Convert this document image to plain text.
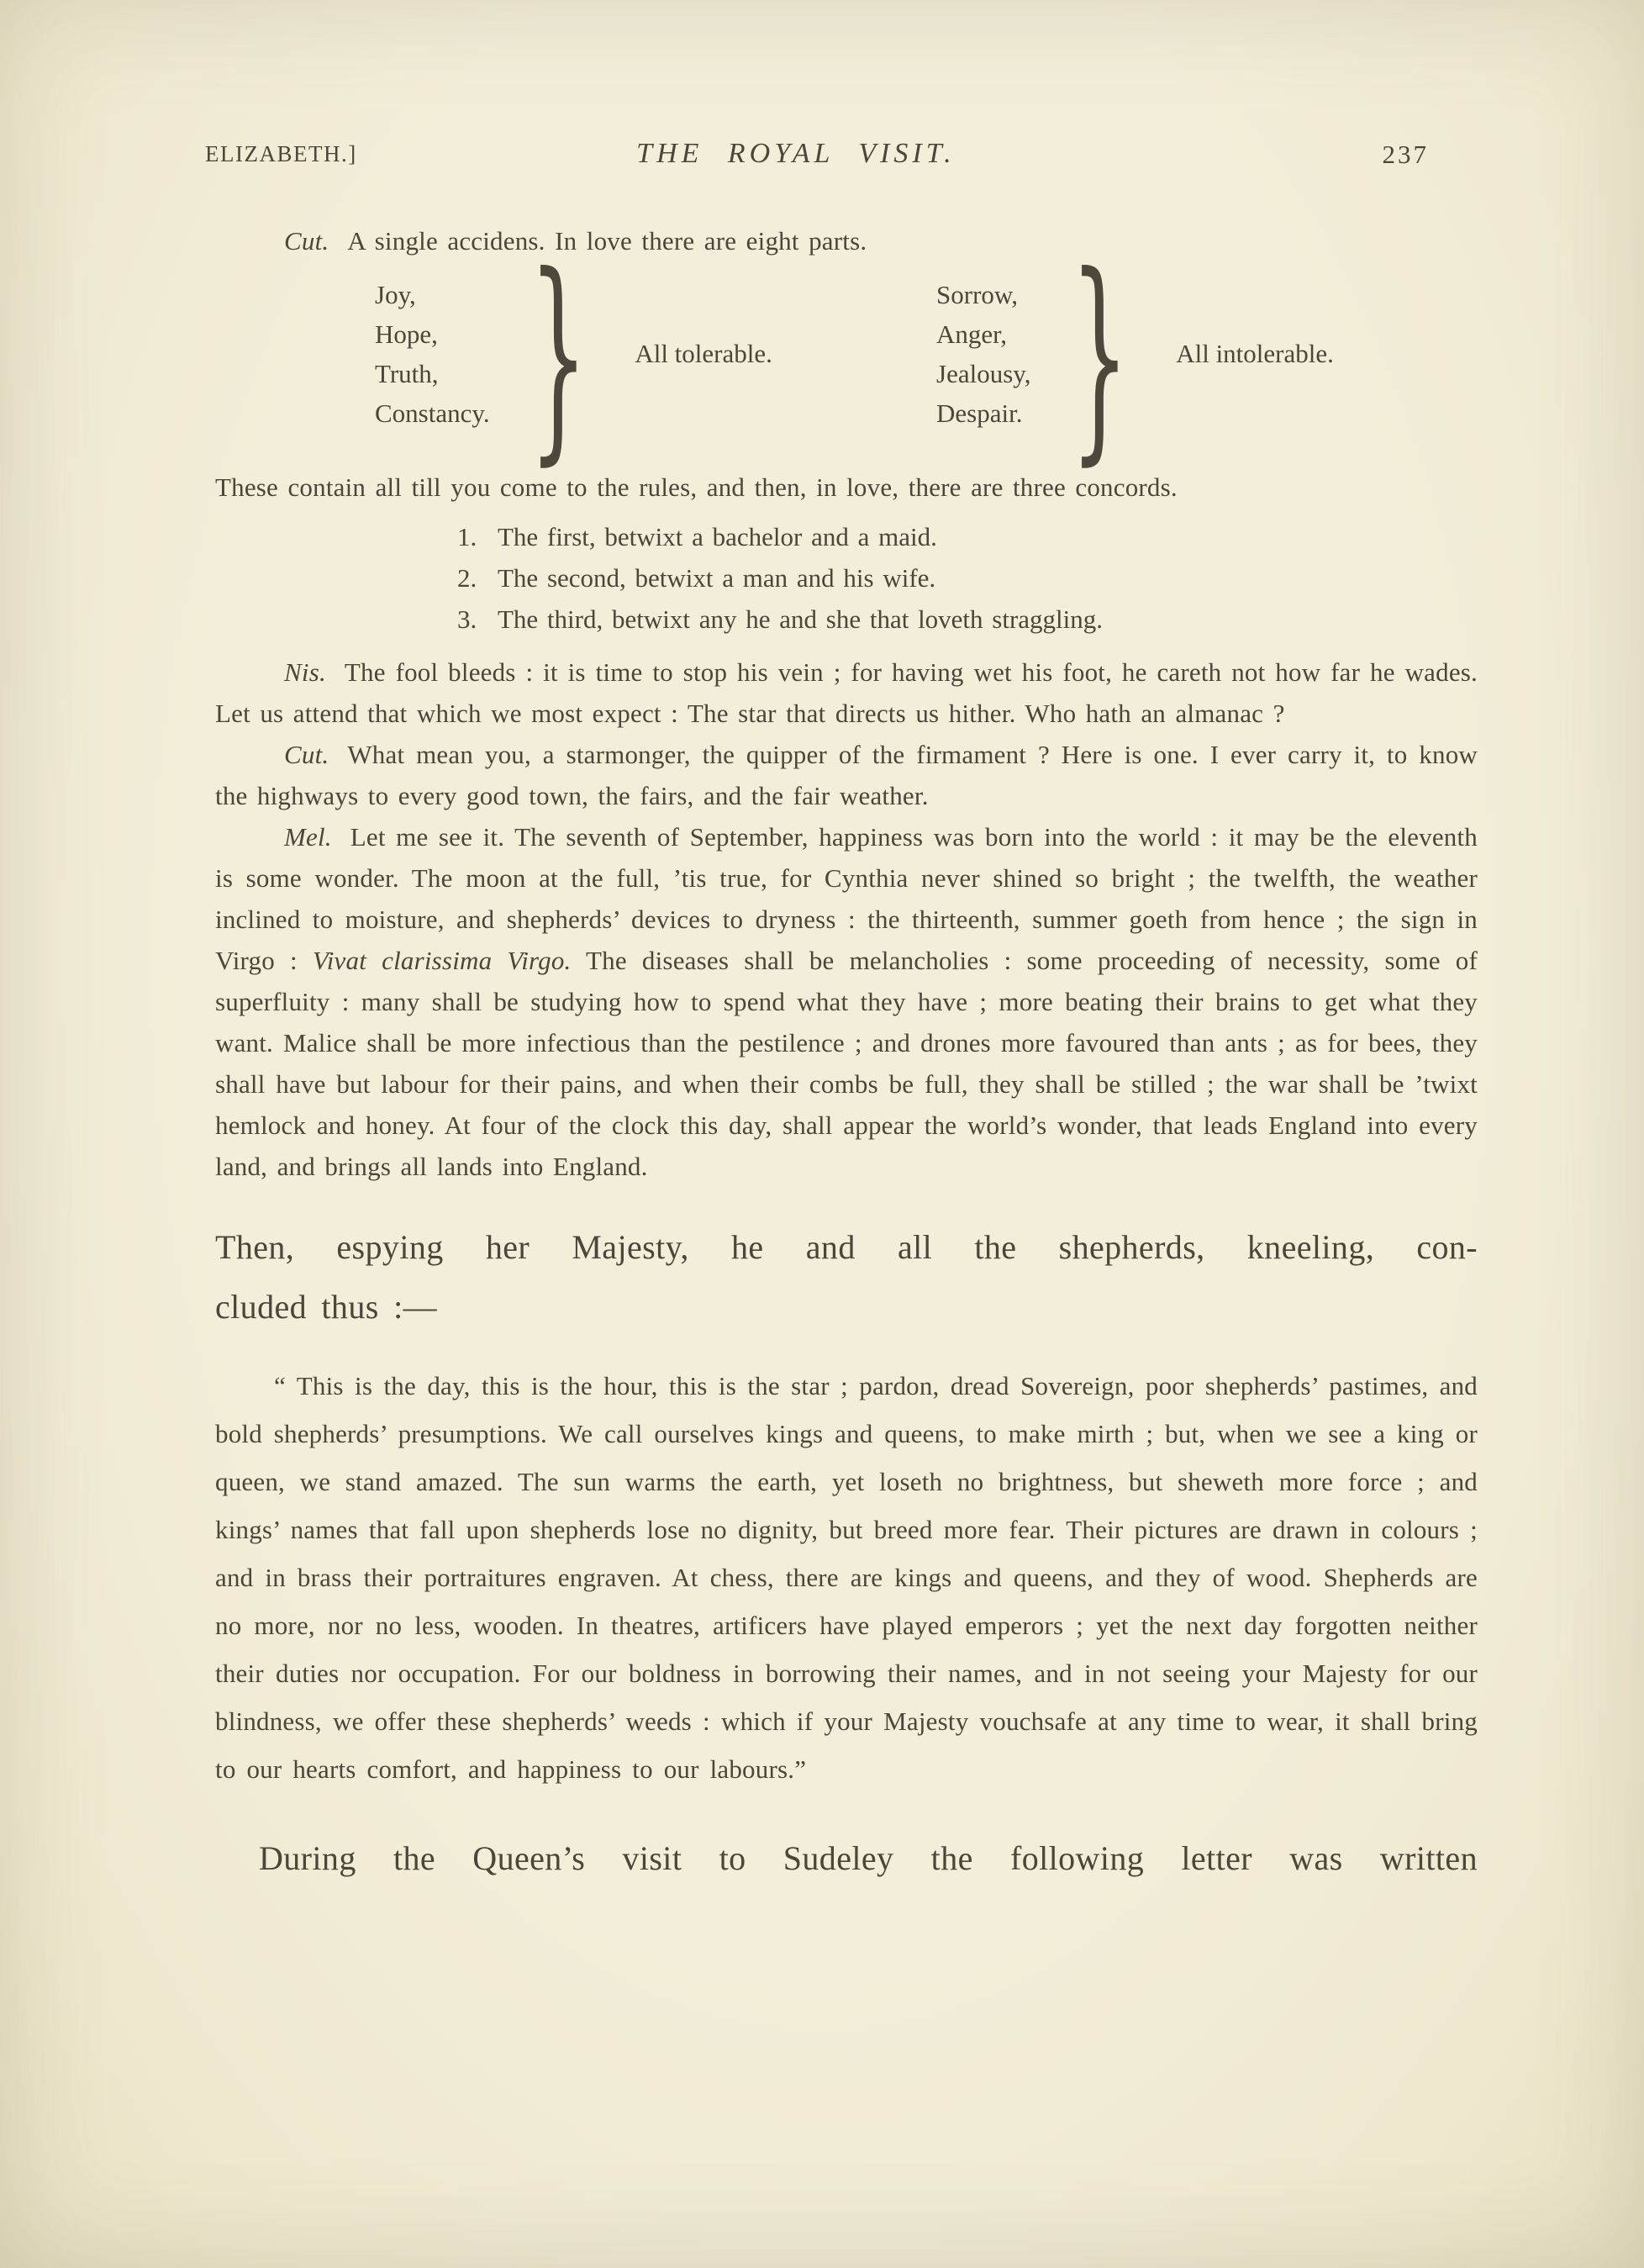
ELIZABETH.]	THE ROYAL VISIT.	237

Cut. A single accidens. In love there are eight parts.

Joy,
Hope,
Truth,
Constancy. } All tolerable.
Sorrow,
Anger,
Jealousy,
Despair. } All intolerable.

These contain all till you come to the rules, and then, in love, there are three concords.

1. The first, betwixt a bachelor and a maid.
2. The second, betwixt a man and his wife.
3. The third, betwixt any he and she that loveth straggling.

Nis. The fool bleeds : it is time to stop his vein ; for having wet his foot, he careth not how far he wades. Let us attend that which we most expect : The star that directs us hither. Who hath an almanac ?

Cut. What mean you, a starmonger, the quipper of the firmament ? Here is one. I ever carry it, to know the highways to every good town, the fairs, and the fair weather.

Mel. Let me see it. The seventh of September, happiness was born into the world : it may be the eleventh is some wonder. The moon at the full, ’tis true, for Cynthia never shined so bright ; the twelfth, the weather inclined to moisture, and shepherds’ devices to dryness : the thirteenth, summer goeth from hence ; the sign in Virgo : Vivat clarissima Virgo. The diseases shall be melancholies : some proceeding of necessity, some of superfluity : many shall be studying how to spend what they have ; more beating their brains to get what they want. Malice shall be more infectious than the pestilence ; and drones more favoured than ants ; as for bees, they shall have but labour for their pains, and when their combs be full, they shall be stilled ; the war shall be ’twixt hemlock and honey. At four of the clock this day, shall appear the world’s wonder, that leads England into every land, and brings all lands into England.

Then, espying her Majesty, he and all the shepherds, kneeling, con-
cluded thus :—

“ This is the day, this is the hour, this is the star ; pardon, dread Sovereign, poor shepherds’ pastimes, and bold shepherds’ presumptions. We call ourselves kings and queens, to make mirth ; but, when we see a king or queen, we stand amazed. The sun warms the earth, yet loseth no brightness, but sheweth more force ; and kings’ names that fall upon shepherds lose no dignity, but breed more fear. Their pictures are drawn in colours ; and in brass their portraitures engraven. At chess, there are kings and queens, and they of wood. Shepherds are no more, nor no less, wooden. In theatres, artificers have played emperors ; yet the next day forgotten neither their duties nor occupation. For our boldness in borrowing their names, and in not seeing your Majesty for our blindness, we offer these shepherds’ weeds : which if your Majesty vouchsafe at any time to wear, it shall bring to our hearts comfort, and happiness to our labours.”

During the Queen’s visit to Sudeley the following letter was written
